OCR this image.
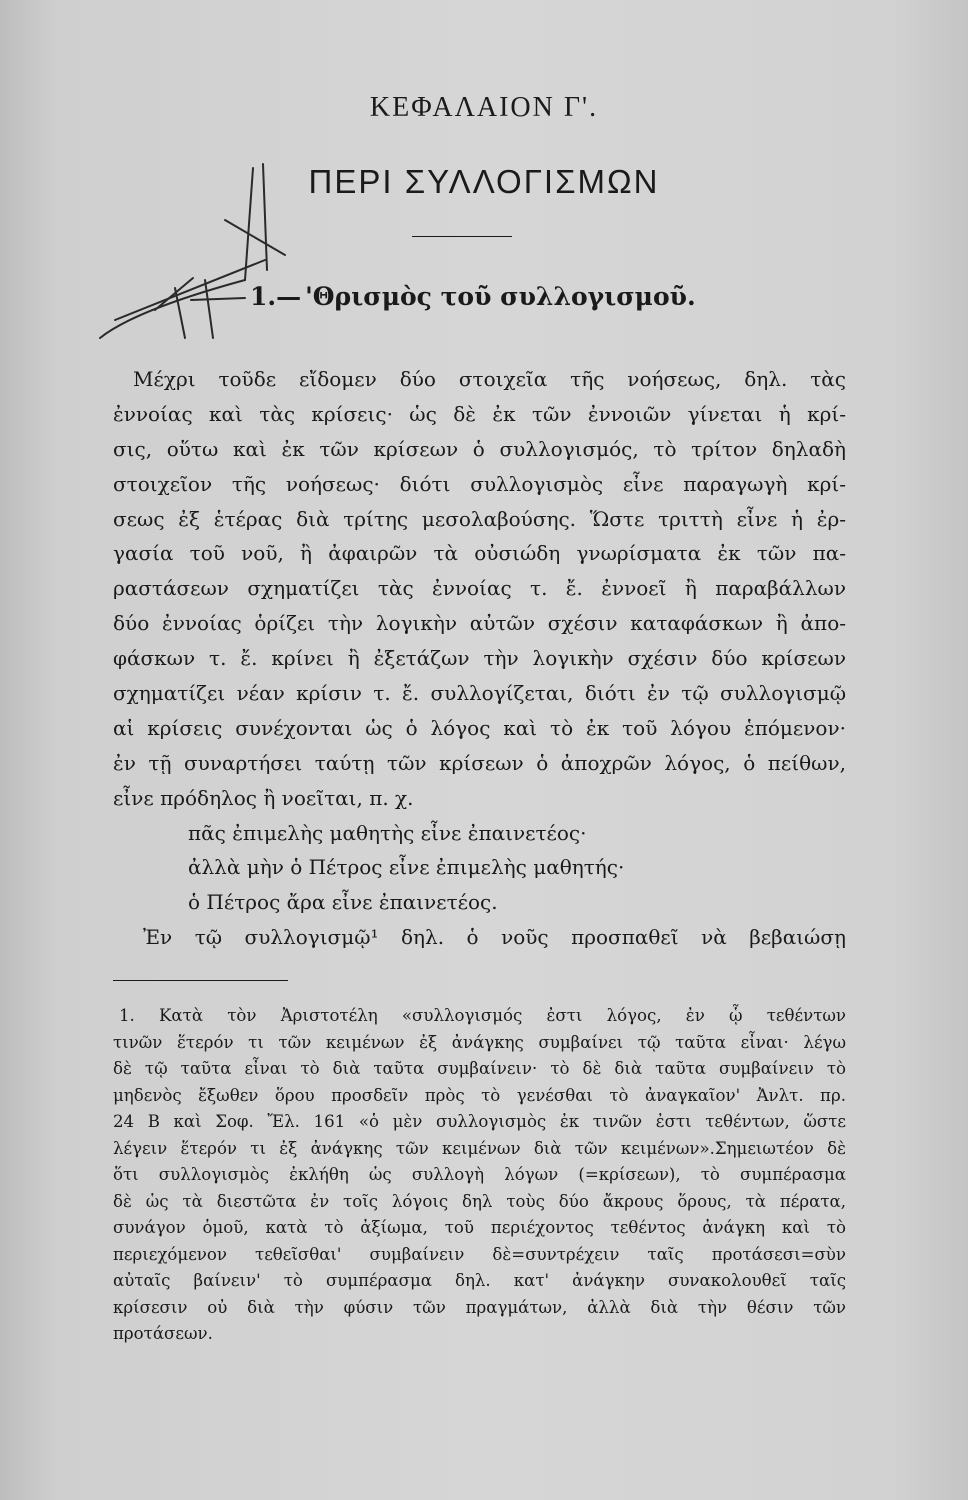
ΚΕΦΑΛΑΙΟΝ Γ'.
ΠΕΡΙ ΣΥΛΛΟΓΙΣΜΩΝ
1.— 'Θρισμὸς τοῦ συλλογισμοῦ.
Μέχρι τοῦδε εἴδομεν δύο στοιχεῖα τῆς νοήσεως, δηλ. τὰς
ἐννοίας καὶ τὰς κρίσεις· ὡς δὲ ἐκ τῶν ἐννοιῶν γίνεται ἡ κρί-
σις, οὕτω καὶ ἐκ τῶν κρίσεων ὁ συλλογισμός, τὸ τρίτον δηλαδὴ
στοιχεῖον τῆς νοήσεως· διότι συλλογισμὸς εἶνε παραγωγὴ κρί-
σεως ἐξ ἑτέρας διὰ τρίτης μεσολαβούσης. Ὥστε τριττὴ εἶνε ἡ ἐρ-
γασία τοῦ νοῦ, ἢ ἀφαιρῶν τὰ οὐσιώδη γνωρίσματα ἐκ τῶν πα-
ραστάσεων σχηματίζει τὰς ἐννοίας τ. ἔ. ἐννοεῖ ἢ παραβάλλων
δύο ἐννοίας ὁρίζει τὴν λογικὴν αὐτῶν σχέσιν καταφάσκων ἢ ἀπο-
φάσκων τ. ἔ. κρίνει ἢ ἐξετάζων τὴν λογικὴν σχέσιν δύο κρίσεων
σχηματίζει νέαν κρίσιν τ. ἔ. συλλογίζεται, διότι ἐν τῷ συλλογισμῷ
αἱ κρίσεις συνέχονται ὡς ὁ λόγος καὶ τὸ ἐκ τοῦ λόγου ἑπόμενον·
ἐν τῇ συναρτήσει ταύτῃ τῶν κρίσεων ὁ ἀποχρῶν λόγος, ὁ πείθων,
εἶνε πρόδηλος ἢ νοεῖται, π. χ.
πᾶς ἐπιμελὴς μαθητὴς εἶνε ἐπαινετέος·
ἀλλὰ μὴν ὁ Πέτρος εἶνε ἐπιμελὴς μαθητής·
ὁ Πέτρος ἄρα εἶνε ἐπαινετέος.
Ἐν τῷ συλλογισμῷ¹ δηλ. ὁ νοῦς προσπαθεῖ νὰ βεβαιώσῃ
1. Κατὰ τὸν Ἀριστοτέλη «συλλογισμός ἐστι λόγος, ἐν ᾧ τεθέντων
τινῶν ἕτερόν τι τῶν κειμένων ἐξ ἀνάγκης συμβαίνει τῷ ταῦτα εἶναι· λέγω
δὲ τῷ ταῦτα εἶναι τὸ διὰ ταῦτα συμβαίνειν· τὸ δὲ διὰ ταῦτα συμβαίνειν τὸ
μηδενὸς ἔξωθεν ὅρου προσδεῖν πρὸς τὸ γενέσθαι τὸ ἀναγκαῖον' Ἀνλτ. πρ.
24 Β καὶ Σοφ. Ἔλ. 161 «ὁ μὲν συλλογισμὸς ἐκ τινῶν ἐστι τεθέντων, ὥστε
λέγειν ἕτερόν τι ἐξ ἀνάγκης τῶν κειμένων διὰ τῶν κειμένων».Σημειωτέον δὲ
ὅτι συλλογισμὸς ἐκλήθη ὡς συλλογὴ λόγων (=κρίσεων), τὸ συμπέρασμα
δὲ ὡς τὰ διεστῶτα ἐν τοῖς λόγοις δηλ τοὺς δύο ἄκρους ὅρους, τὰ πέρατα,
συνάγον ὁμοῦ, κατὰ τὸ ἀξίωμα, τοῦ περιέχοντος τεθέντος ἀνάγκη καὶ τὸ
περιεχόμενον τεθεῖσθαι' συμβαίνειν δὲ=συντρέχειν ταῖς προτάσεσι=σὺν
αὐταῖς βαίνειν' τὸ συμπέρασμα δηλ. κατ' ἀνάγκην συνακολουθεῖ ταῖς
κρίσεσιν οὐ διὰ τὴν φύσιν τῶν πραγμάτων, ἀλλὰ διὰ τὴν θέσιν τῶν
προτάσεων.
